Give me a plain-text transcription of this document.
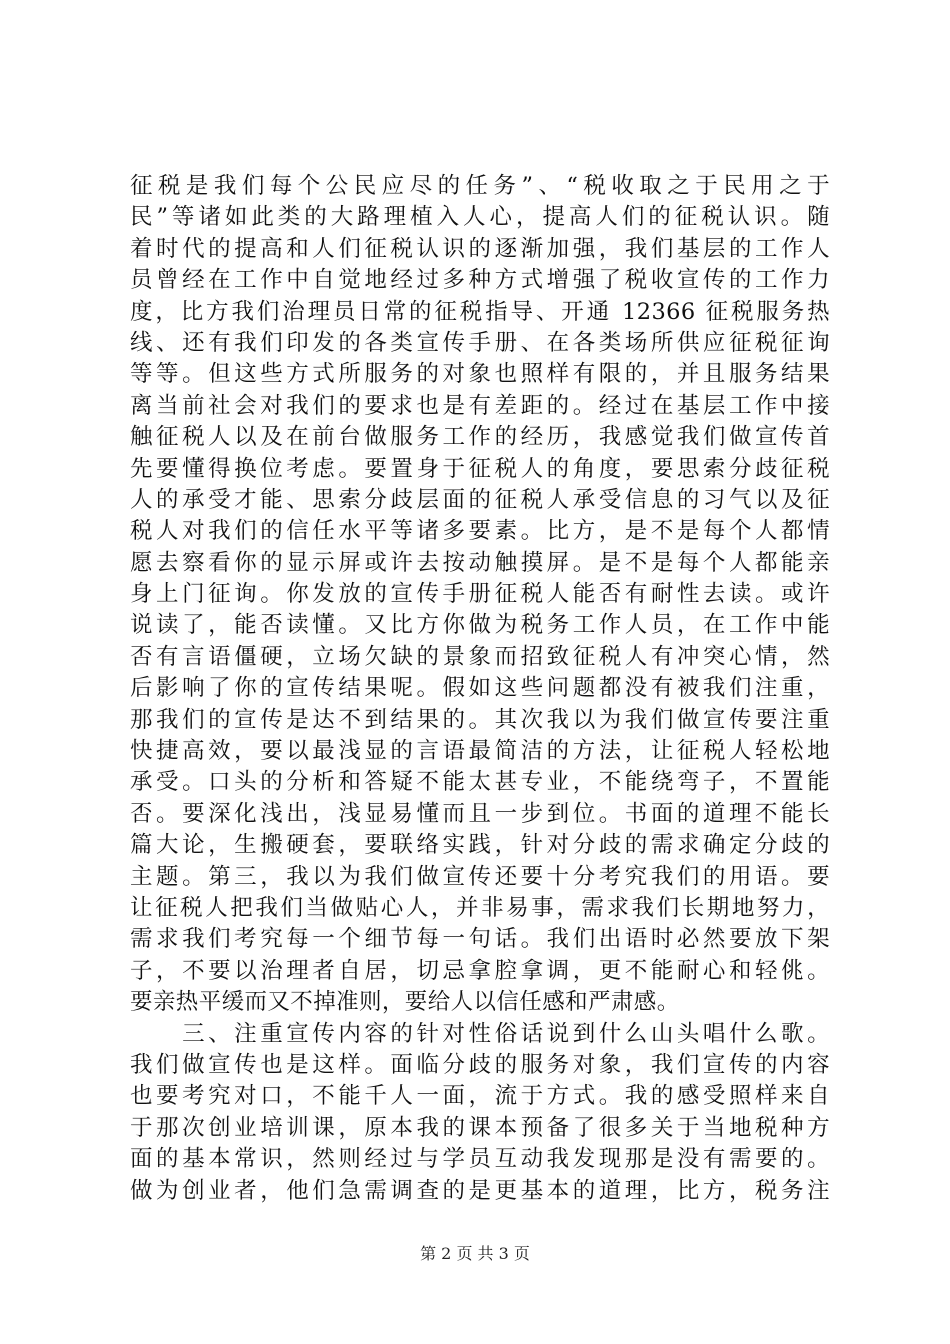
征税是我们每个公民应尽的任务”、“税收取之于民用之于
民”等诸如此类的大路理植入人心，提高人们的征税认识。随
着时代的提高和人们征税认识的逐渐加强，我们基层的工作人
员曾经在工作中自觉地经过多种方式增强了税收宣传的工作力
度，比方我们治理员日常的征税指导、开通 12366 征税服务热
线、还有我们印发的各类宣传手册、在各类场所供应征税征询
等等。但这些方式所服务的对象也照样有限的，并且服务结果
离当前社会对我们的要求也是有差距的。经过在基层工作中接
触征税人以及在前台做服务工作的经历，我感觉我们做宣传首
先要懂得换位考虑。要置身于征税人的角度，要思索分歧征税
人的承受才能、思索分歧层面的征税人承受信息的习气以及征
税人对我们的信任水平等诸多要素。比方，是不是每个人都情
愿去察看你的显示屏或许去按动触摸屏。是不是每个人都能亲
身上门征询。你发放的宣传手册征税人能否有耐性去读。或许
说读了，能否读懂。又比方你做为税务工作人员，在工作中能
否有言语僵硬，立场欠缺的景象而招致征税人有冲突心情，然
后影响了你的宣传结果呢。假如这些问题都没有被我们注重，
那我们的宣传是达不到结果的。其次我以为我们做宣传要注重
快捷高效，要以最浅显的言语最简洁的方法，让征税人轻松地
承受。口头的分析和答疑不能太甚专业，不能绕弯子，不置能
否。要深化浅出，浅显易懂而且一步到位。书面的道理不能长
篇大论，生搬硬套，要联络实践，针对分歧的需求确定分歧的
主题。第三，我以为我们做宣传还要十分考究我们的用语。要
让征税人把我们当做贴心人，并非易事，需求我们长期地努力，
需求我们考究每一个细节每一句话。我们出语时必然要放下架
子，不要以治理者自居，切忌拿腔拿调，更不能耐心和轻佻。
要亲热平缓而又不掉准则，要给人以信任感和严肃感。
　　三、注重宣传内容的针对性俗话说到什么山头唱什么歌。
我们做宣传也是这样。面临分歧的服务对象，我们宣传的内容
也要考究对口，不能千人一面，流于方式。我的感受照样来自
于那次创业培训课，原本我的课本预备了很多关于当地税种方
面的基本常识，然则经过与学员互动我发现那是没有需要的。
做为创业者，他们急需调查的是更基本的道理，比方，税务注
第 2 页 共 3 页
